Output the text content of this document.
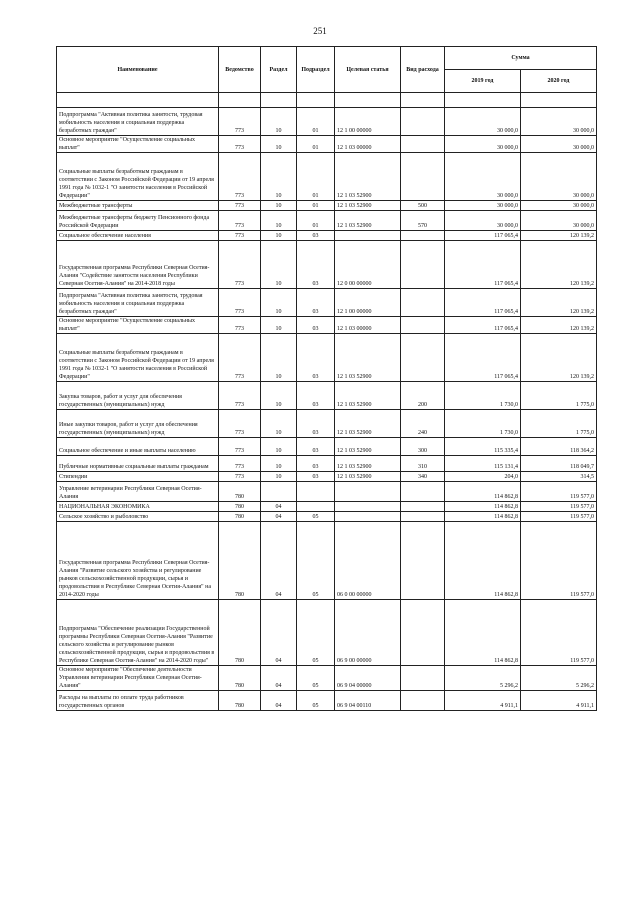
251
Наименование	Ведомство	Раздел	Подраздел	Целевая статья	Вид расхода	Сумма	
						2019 год	2020 год

Подпрограмма "Активная политика занятости, трудовая мобильность населения и социальная поддержка безработных граждан"	773	10	01	12 1 00 00000		30 000,0	30 000,0
Основное мероприятие "Осуществление социальных выплат"	773	10	01	12 1 03 00000		30 000,0	30 000,0
Социальные выплаты безработным гражданам в соответствии с Законом Российской Федерации от 19 апреля 1991 года № 1032-1 "О занятости населения в Российской Федерации"	773	10	01	12 1 03 52900		30 000,0	30 000,0
Межбюджетные трансферты	773	10	01	12 1 03 52900	500	30 000,0	30 000,0
Межбюджетные трансферты бюджету Пенсионного фонда Российской Федерации	773	10	01	12 1 03 52900	570	30 000,0	30 000,0
Социальное обеспечение населения	773	10	03			117 065,4	120 139,2
Государственная программа Республики Северная Осетия-Алания "Содействие занятости населения Республики Северная Осетия-Алания" на 2014-2018 годы	773	10	03	12 0 00 00000		117 065,4	120 139,2
Подпрограмма "Активная политика занятости, трудовая мобильность населения и социальная поддержка безработных граждан"	773	10	03	12 1 00 00000		117 065,4	120 139,2
Основное мероприятие "Осуществление социальных выплат"	773	10	03	12 1 03 00000		117 065,4	120 139,2
Социальные выплаты безработным гражданам в соответствии с Законом Российской Федерации от 19 апреля 1991 года № 1032-1 "О занятости населения в Российской Федерации"	773	10	03	12 1 03 52900		117 065,4	120 139,2
Закупка товаров, работ и услуг для обеспечения государственных (муниципальных) нужд	773	10	03	12 1 03 52900	200	1 730,0	1 775,0
Иные закупки товаров, работ и услуг для обеспечения государственных (муниципальных) нужд	773	10	03	12 1 03 52900	240	1 730,0	1 775,0
Социальное обеспечение и иные выплаты населению	773	10	03	12 1 03 52900	300	115 335,4	118 364,2
Публичные нормативные социальные выплаты гражданам	773	10	03	12 1 03 52900	310	115 131,4	118 049,7
Стипендии	773	10	03	12 1 03 52900	340	204,0	314,5
Управление ветеринарии Республики Северная Осетия-Алания	780					114 862,8	119 577,0
НАЦИОНАЛЬНАЯ ЭКОНОМИКА	780	04				114 862,8	119 577,0
Сельское хозяйство и рыболовство	780	04	05			114 862,8	119 577,0
Государственная программа Республики Северная Осетия-Алания "Развитие сельского хозяйства и регулирование рынков сельскохозяйственной продукции, сырья и продовольствия в Республике Северная Осетия-Алания" на 2014-2020 годы	780	04	05	06 0 00 00000		114 862,8	119 577,0
Подпрограмма "Обеспечение реализации Государственной программы Республики Северная Осетия-Алания "Развитие сельского хозяйства и регулирование рынков сельскохозяйственной продукции, сырья и продовольствия в Республике Северная Осетия-Алания" на 2014-2020 годы"	780	04	05	06 9 00 00000		114 862,8	119 577,0
Основное мероприятие "Обеспечение деятельности Управления ветеринарии Республики Северная Осетия-Алания"	780	04	05	06 9 04 00000		5 296,2	5 296,2
Расходы на выплаты по оплате труда работников государственных органов	780	04	05	06 9 04 00110		4 911,1	4 911,1
